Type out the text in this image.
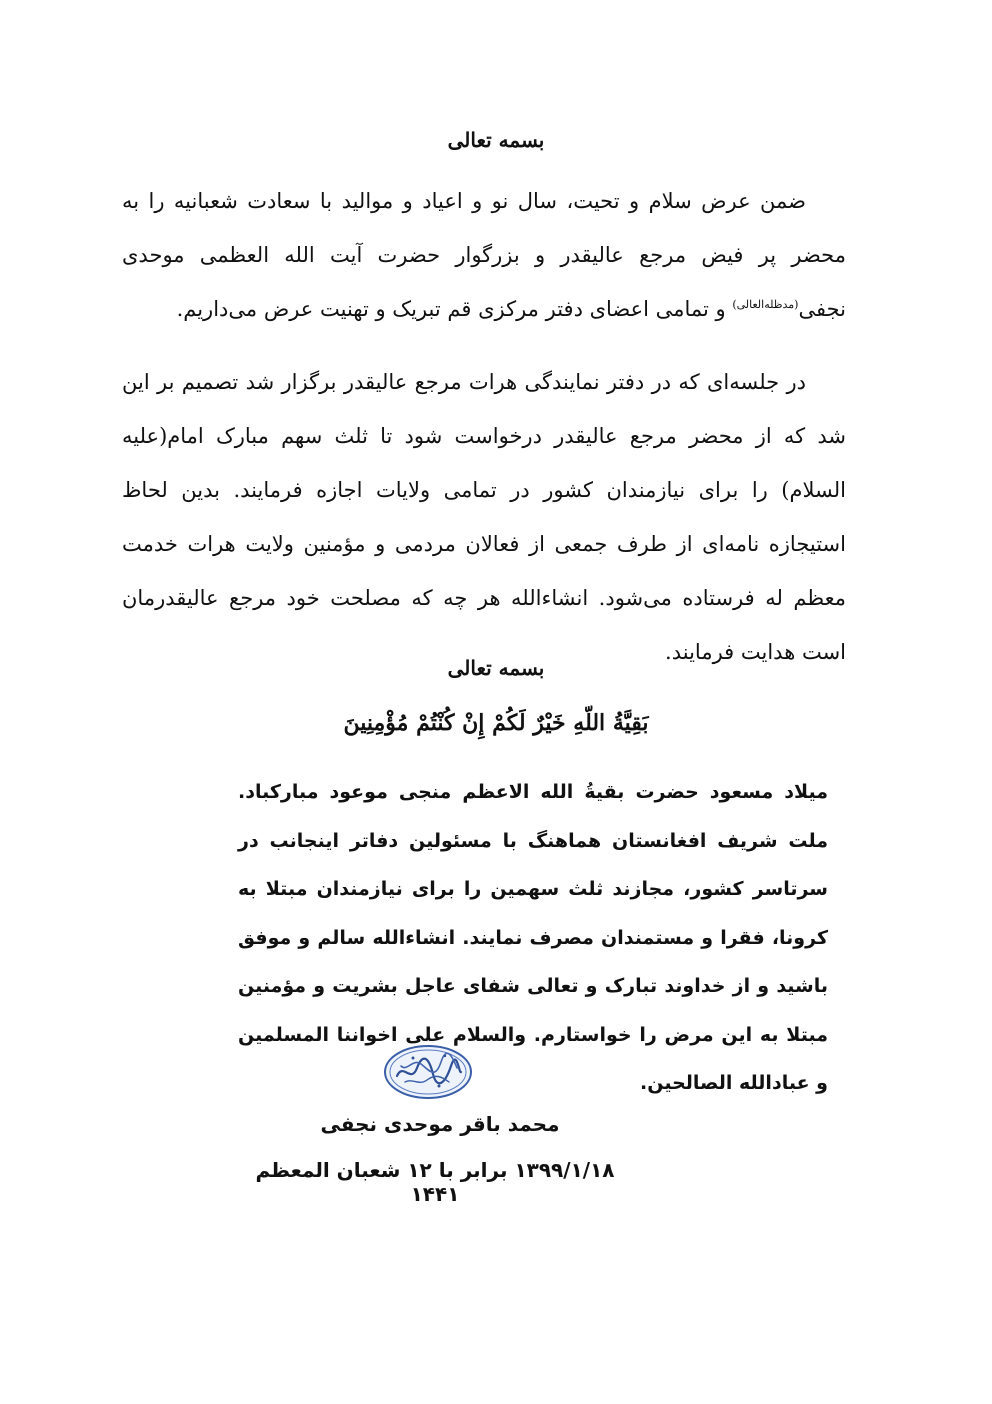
بسمه تعالی
ضمن عرض سلام و تحیت، سال نو و اعیاد و موالید با سعادت شعبانیه را به محضر پر فیض مرجع عالیقدر و بزرگوار حضرت آیت الله العظمی موحدی نجفی$^{(مدظله‌العالی)}$ و تمامی اعضای دفتر مرکزی قم تبریک و تهنیت عرض می‌داریم.
در جلسه‌ای که در دفتر نمایندگی هرات مرجع عالیقدر برگزار شد تصمیم بر این شد که از محضر مرجع عالیقدر درخواست شود تا ثلث سهم مبارک امام(علیه السلام) را برای نیازمندان کشور در تمامی ولایات اجازه فرمایند. بدین لحاظ استیجازه نامه‌ای از طرف جمعی از فعالان مردمی و مؤمنین ولایت هرات خدمت معظم له فرستاده می‌شود. انشاءالله هر چه که مصلحت خود مرجع عالیقدرمان است هدایت فرمایند.
بسمه تعالی
بَقِيَّةُ اللّهِ خَيْرٌ لَكُمْ إِنْ كُنْتُمْ مُؤْمِنِينَ
میلاد مسعود حضرت بقیةُ الله الاعظم منجی موعود مبارکباد. ملت شریف افغانستان هماهنگ با مسئولین دفاتر اینجانب در سرتاسر کشور، مجازند ثلث سهمین را برای نیازمندان مبتلا به کرونا، فقرا و مستمندان مصرف نمایند. انشاءالله سالم و موفق باشید و از خداوند تبارک و تعالی شفای عاجل بشریت و مؤمنین مبتلا به این مرض را خواستارم. والسلام علی اخواننا المسلمین و عبادالله الصالحین.
محمد باقر موحدی نجفی
۱۳۹۹/۱/۱۸ برابر با ۱۲ شعبان المعظم ۱۴۴۱
